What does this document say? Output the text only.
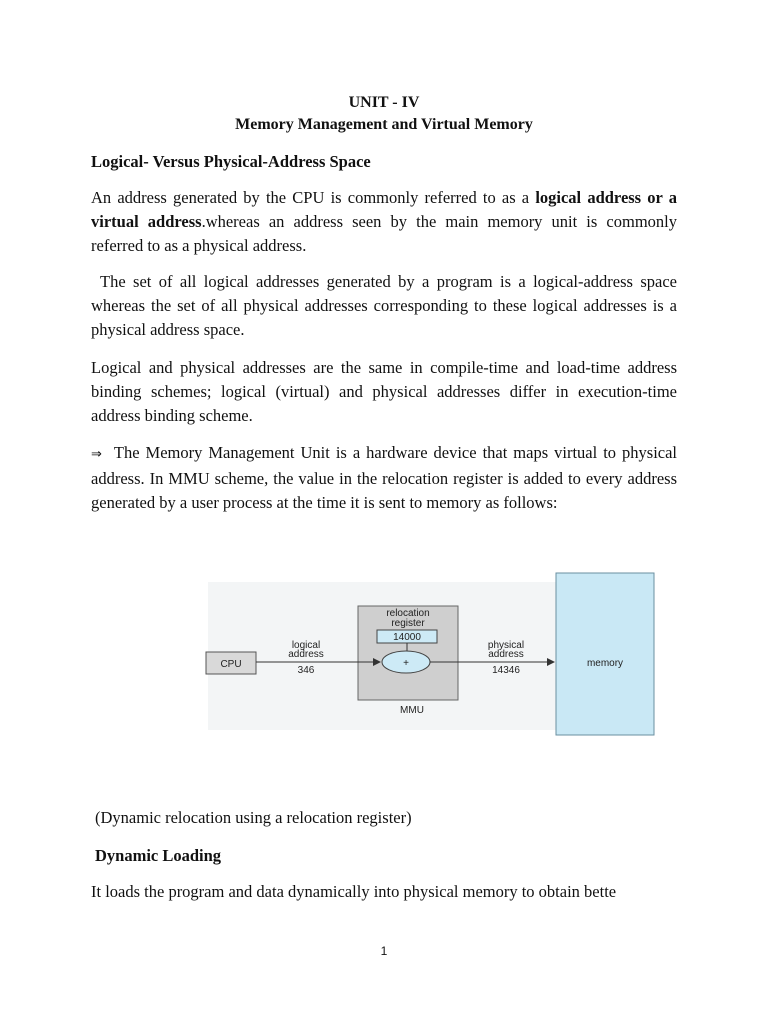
UNIT - IV
Memory Management and Virtual Memory
Logical- Versus Physical-Address Space

An address generated by the CPU is commonly referred to as a logical address or a virtual address.whereas an address seen by the main memory unit is commonly referred to as a physical address.

The set of all logical addresses generated by a program is a logical-address space whereas the set of all physical addresses corresponding to these logical addresses is a physical address space.

Logical and physical addresses are the same in compile-time and load-time address binding schemes; logical (virtual) and physical addresses differ in execution-time address binding scheme.

⇒ The Memory Management Unit is a hardware device that maps virtual to physical address. In MMU scheme, the value in the relocation register is added to every address generated by a user process at the time it is sent to memory as follows:

CPU
relocation
register
14000
+
MMU
logical
address
346
physical
address
14346
memory
(Dynamic relocation using a relocation register)
Dynamic Loading

It loads the program and data dynamically into physical memory to obtain bette

1
